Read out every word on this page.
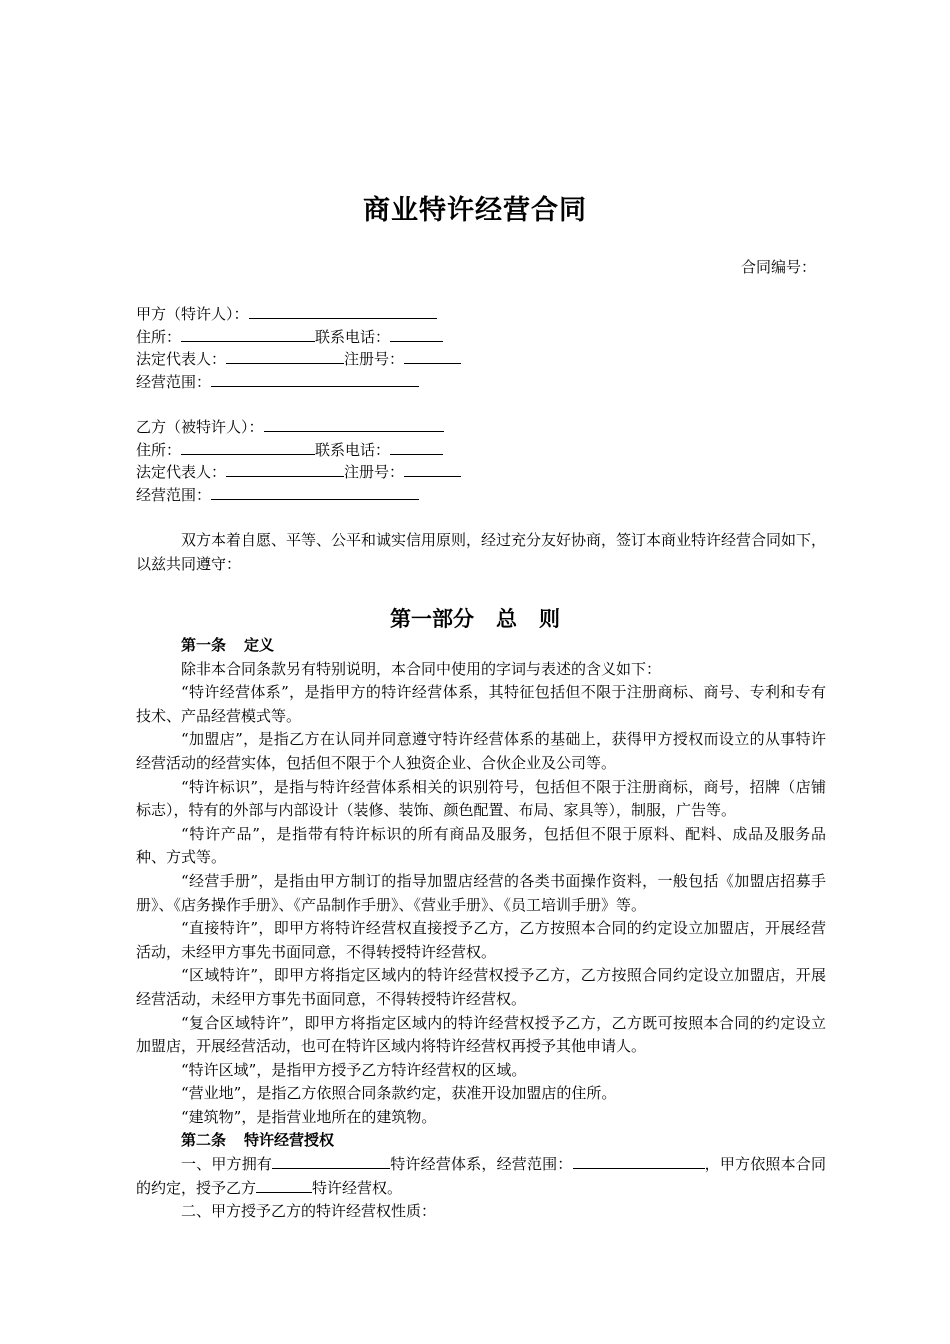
商业特许经营合同
合同编号：
甲方（特许人）：
住所：	联系电话：
法定代表人：	注册号：
经营范围：
乙方（被特许人）：
住所：	联系电话：
法定代表人：	注册号：
经营范围：
双方本着自愿、平等、公平和诚实信用原则，经过充分友好协商，签订本商业特许经营合同如下，以兹共同遵守：
第一部分 总 则
第一条 定义

除非本合同条款另有特别说明，本合同中使用的字词与表述的含义如下：

“特许经营体系”，是指甲方的特许经营体系，其特征包括但不限于注册商标、商号、专利和专有技术、产品经营模式等。

“加盟店”，是指乙方在认同并同意遵守特许经营体系的基础上，获得甲方授权而设立的从事特许经营活动的经营实体，包括但不限于个人独资企业、合伙企业及公司等。

“特许标识”，是指与特许经营体系相关的识别符号，包括但不限于注册商标，商号，招牌（店铺标志），特有的外部与内部设计（装修、装饰、颜色配置、布局、家具等），制服，广告等。

“特许产品”，是指带有特许标识的所有商品及服务，包括但不限于原料、配料、成品及服务品种、方式等。

“经营手册”，是指由甲方制订的指导加盟店经营的各类书面操作资料，一般包括《加盟店招募手册》、《店务操作手册》、《产品制作手册》、《营业手册》、《员工培训手册》等。

“直接特许”，即甲方将特许经营权直接授予乙方，乙方按照本合同的约定设立加盟店，开展经营活动，未经甲方事先书面同意，不得转授特许经营权。

“区域特许”，即甲方将指定区域内的特许经营权授予乙方，乙方按照合同约定设立加盟店，开展经营活动，未经甲方事先书面同意，不得转授特许经营权。

“复合区域特许”，即甲方将指定区域内的特许经营权授予乙方，乙方既可按照本合同的约定设立加盟店，开展经营活动，也可在特许区域内将特许经营权再授予其他申请人。

“特许区域”，是指甲方授予乙方特许经营权的区域。

“营业地”，是指乙方依照合同条款约定，获准开设加盟店的住所。

“建筑物”，是指营业地所在的建筑物。

第二条 特许经营授权

一、甲方拥有	特许经营体系，经营范围：	，甲方依照本合同的约定，授予乙方	特许经营权。

二、甲方授予乙方的特许经营权性质：
